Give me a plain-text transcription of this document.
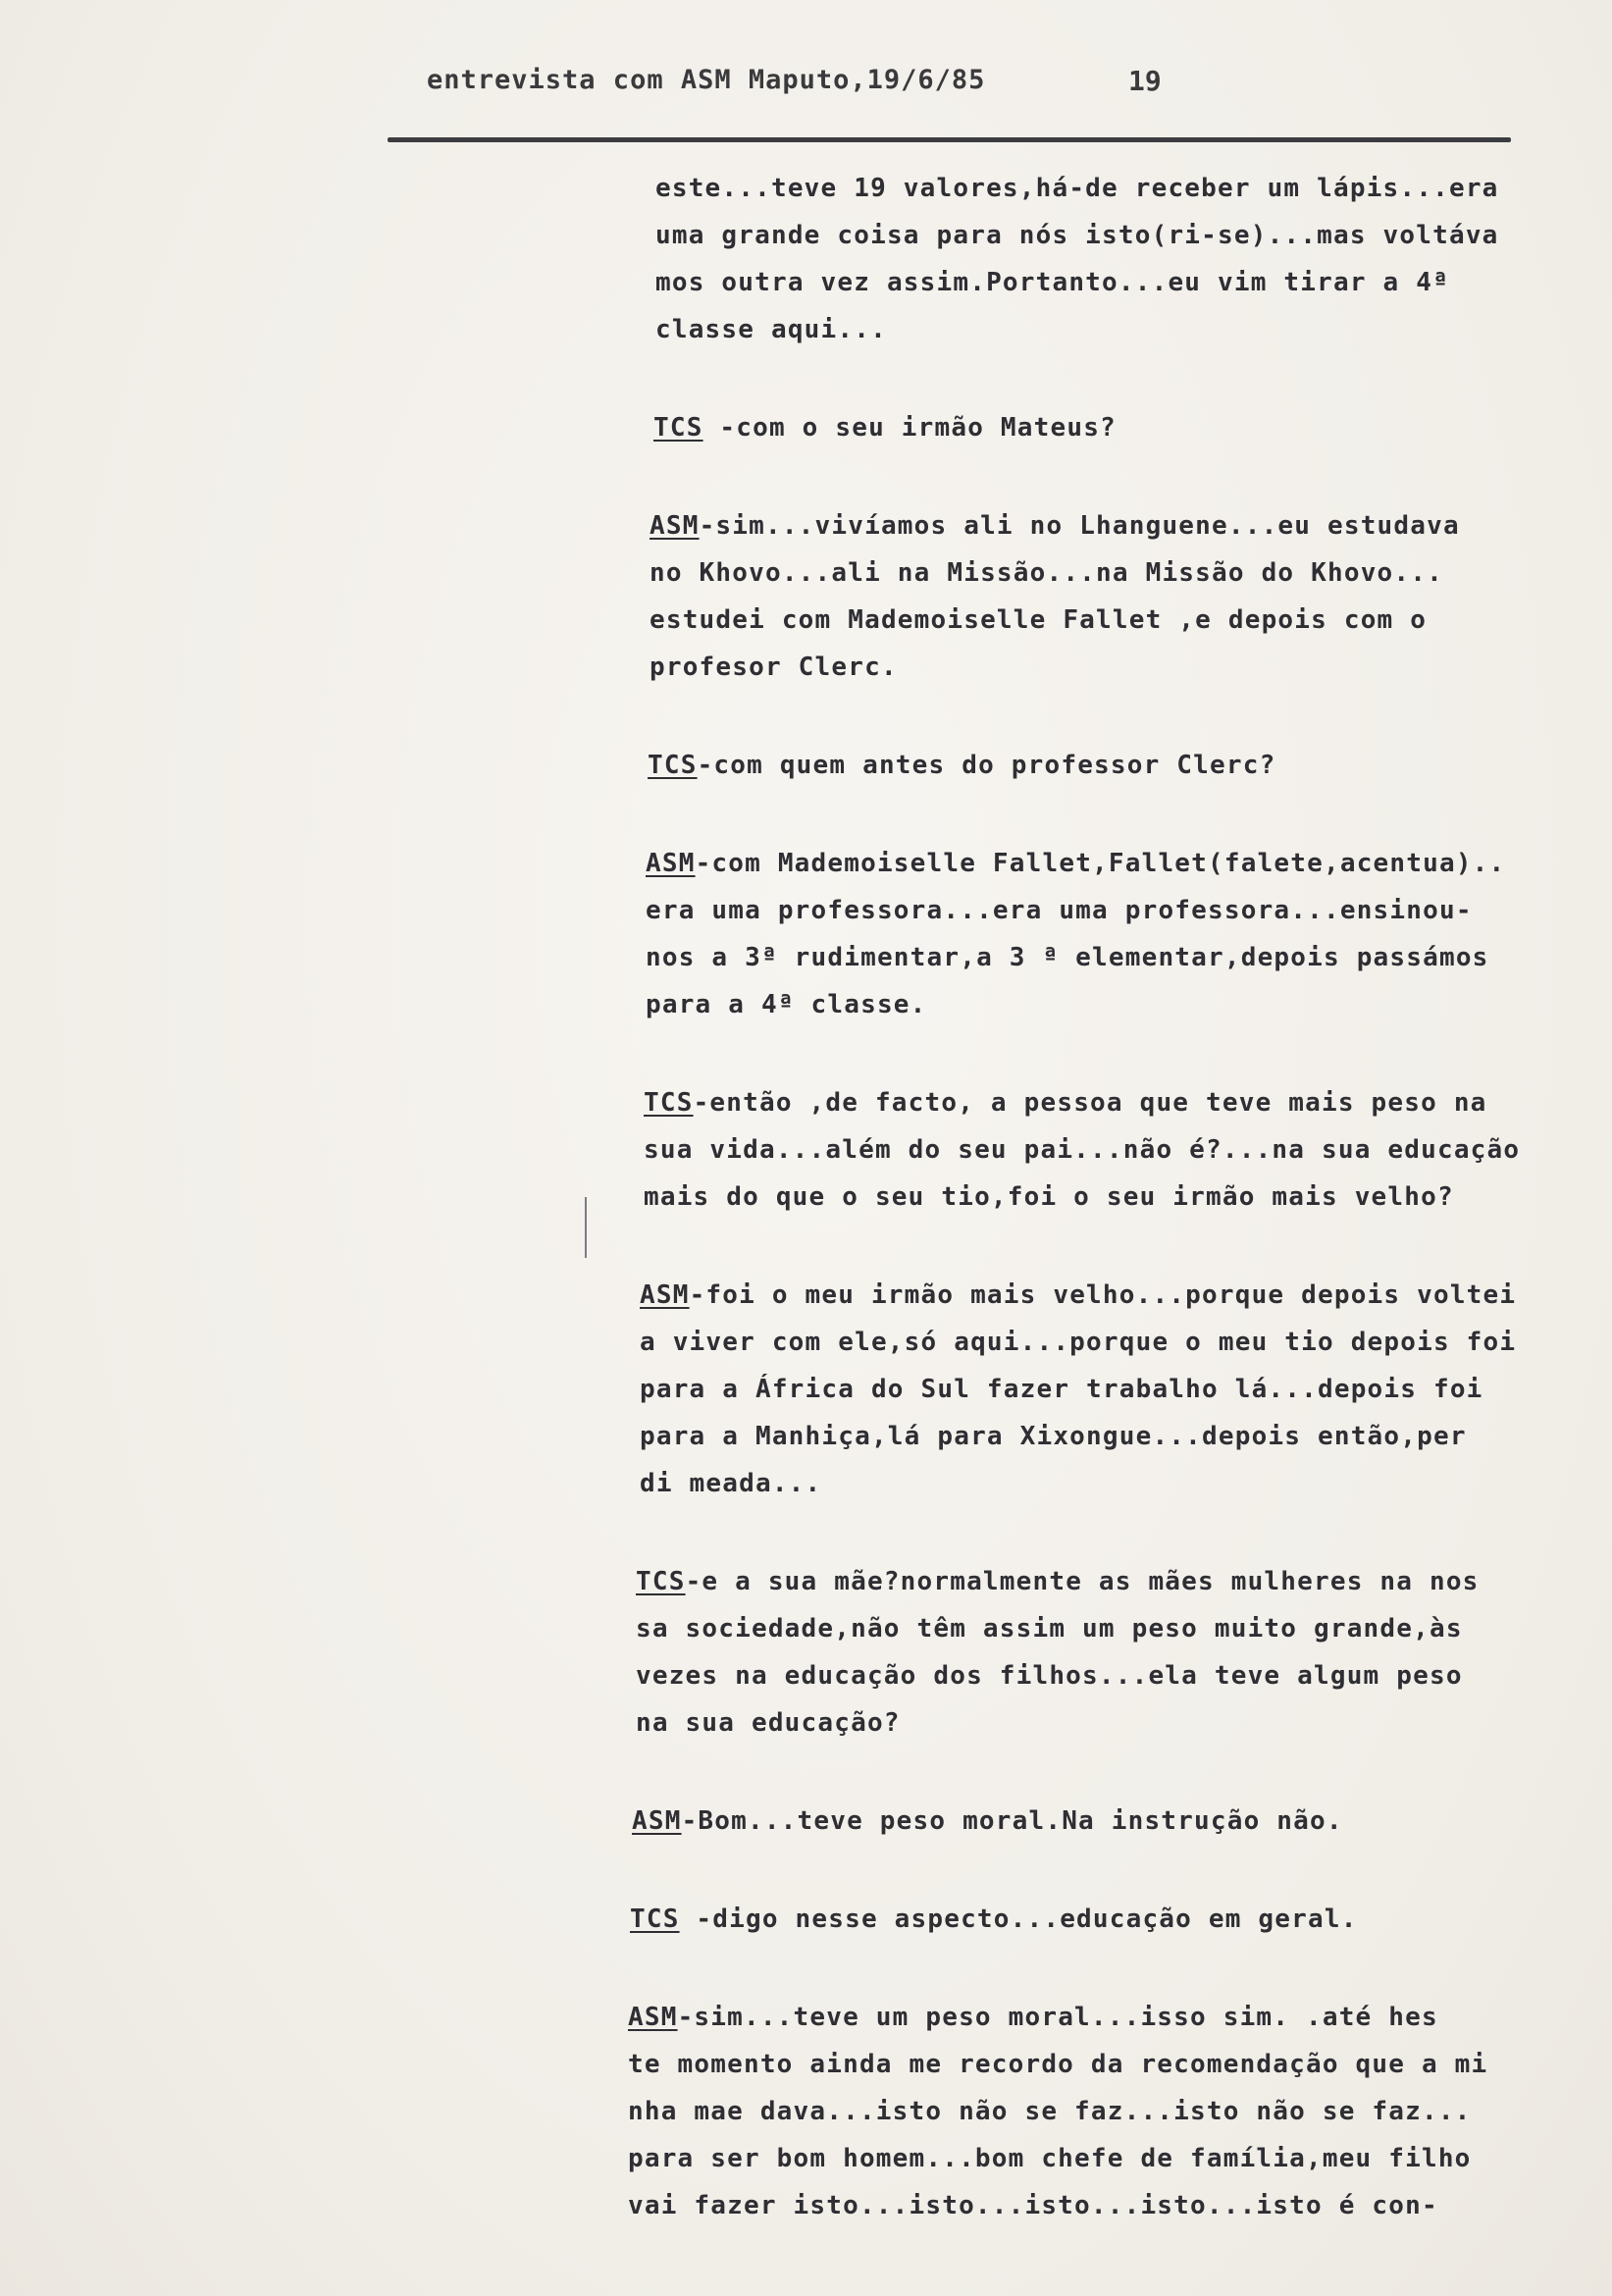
entrevista com ASM Maputo,19/6/85	19
este...teve 19 valores,há-de receber um lápis...era
uma grande coisa para nós isto(ri-se)...mas voltáva
mos outra vez assim.Portanto...eu vim tirar a 4ª
classe aqui...
TCS -com o seu irmão Mateus?
ASM-sim...vivíamos ali no Lhanguene...eu estudava
no Khovo...ali na Missão...na Missão do Khovo...
estudei com Mademoiselle Fallet ,e depois com o
profesor Clerc.
TCS-com quem antes do professor Clerc?
ASM-com Mademoiselle Fallet,Fallet(falete,acentua)..
era uma professora...era uma professora...ensinou-
nos a 3ª rudimentar,a 3 ª elementar,depois passámos
para a 4ª classe.
TCS-então ,de facto, a pessoa que teve mais peso na
sua vida...além do seu pai...não é?...na sua educação
mais do que o seu tio,foi o seu irmão mais velho?
ASM-foi o meu irmão mais velho...porque depois voltei
a viver com ele,só aqui...porque o meu tio depois foi
para a África do Sul fazer trabalho lá...depois foi
para a Manhiça,lá para Xixongue...depois então,per
di meada...
TCS-e a sua mãe?normalmente as mães mulheres na nos
sa sociedade,não têm assim um peso muito grande,às
vezes na educação dos filhos...ela teve algum peso
na sua educação?
ASM-Bom...teve peso moral.Na instrução não.
TCS -digo nesse aspecto...educação em geral.
ASM-sim...teve um peso moral...isso sim. .até hes
te momento ainda me recordo da recomendação que a mi
nha mae dava...isto não se faz...isto não se faz...
para ser bom homem...bom chefe de família,meu filho
vai fazer isto...isto...isto...isto...isto é con-
